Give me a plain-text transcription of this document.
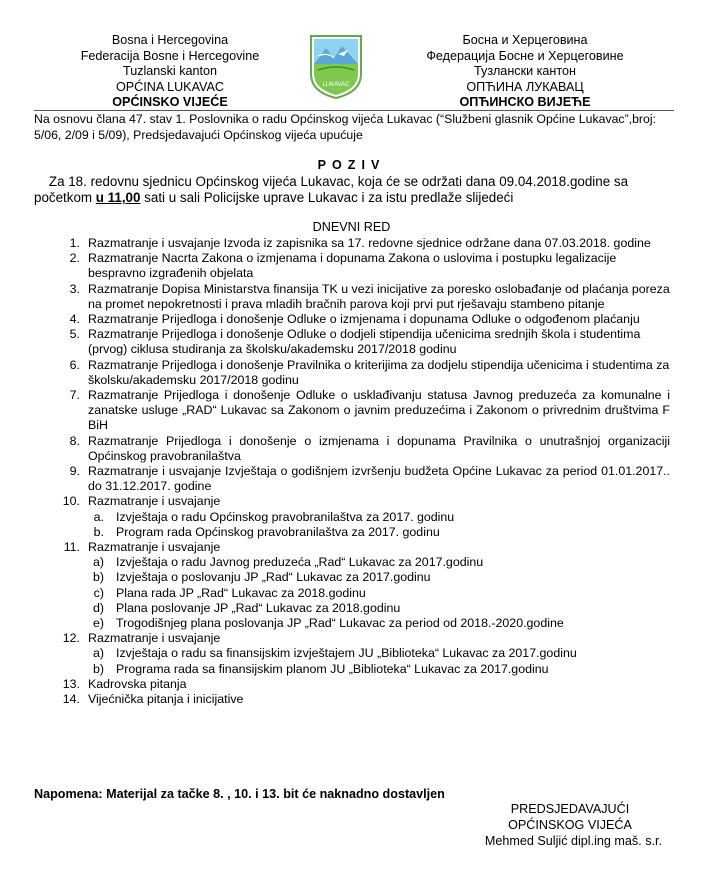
Bosna i Hercegovina
Federacija Bosne i Hercegovine
Tuzlanski kanton
OPĆINA LUKAVAC
OPĆINSKO VIJEĆE
LUKAVAC
Босна и Херцеговина
Федерација Босне и Херцеговине
Тузлански кантон
ОПЋИНА ЛУКАВАЦ
ОПЋИНСКО ВИЈЕЋЕ
Na osnovu člana 47. stav 1. Poslovnika o radu Općinskog vijeća Lukavac (“Službeni glasnik Općine Lukavac”,broj: 5/06, 2/09 i 5/09), Predsjedavajući Općinskog vijeća upućuje
POZIV
Za 18. redovnu sjednicu Općinskog vijeća Lukavac, koja će se održati dana 09.04.2018.godine sa početkom u 11,00 sati u sali Policijske uprave Lukavac i za istu predlaže slijedeći
DNEVNI RED
1. Razmatranje i usvajanje Izvoda iz zapisnika sa 17. redovne sjednice održane dana 07.03.2018. godine
2. Razmatranje Nacrta Zakona o izmjenama i dopunama Zakona o uslovima i postupku legalizacije bespravno izgrađenih objelata
3. Razmatranje Dopisa Ministarstva finansija TK u vezi inicijative za poresko oslobađanje od plaćanja poreza na promet nepokretnosti i prava mladih bračnih parova koji prvi put rješavaju stambeno pitanje
4. Razmatranje Prijedloga i donošenje Odluke o izmjenama i dopunama Odluke o odgođenom plaćanju
5. Razmatranje Prijedloga i donošenje Odluke o dodjeli stipendija učenicima srednjih škola i studentima (prvog) ciklusa studiranja za školsku/akademsku 2017/2018 godinu
6. Razmatranje Prijedloga i donošenje Pravilnika o kriterijima za dodjelu stipendija učenicima i studentima za školsku/akademsku 2017/2018 godinu
7. Razmatranje Prijedloga i donošenje Odluke o usklađivanju statusa Javnog preduzeća za komunalne i zanatske usluge „RAD“ Lukavac sa Zakonom o javnim preduzećima i Zakonom o privrednim društvima F BiH
8. Razmatranje Prijedloga i donošenje o izmjenama i dopunama Pravilnika o unutrašnjoj organizaciji Općinskog pravobranilaštva
9. Razmatranje i usvajanje Izvještaja o godišnjem izvršenju budžeta Općine Lukavac za period 01.01.2017.. do 31.12.2017. godine
10. Razmatranje i usvajanje
a. Izvještaja o radu Općinskog pravobranilaštva za 2017. godinu
b. Program rada Općinskog pravobranilaštva za 2017. godinu
11. Razmatranje i usvajanje
a) Izvještaja o radu Javnog preduzeća „Rad“ Lukavac za 2017.godinu
b) Izvještaja o poslovanju JP „Rad“ Lukavac za 2017.godinu
c) Plana rada JP „Rad“ Lukavac za 2018.godinu
d) Plana poslovanje JP „Rad“ Lukavac za 2018.godinu
e) Trogodišnjeg plana poslovanja JP „Rad“ Lukavac za period od 2018.-2020.godine
12. Razmatranje i usvajanje
a) Izvještaja o radu sa finansijskim izvještajem JU „Biblioteka“ Lukavac za 2017.godinu
b) Programa rada sa finansijskim planom JU „Biblioteka“ Lukavac za 2017.godinu
13. Kadrovska pitanja
14. Vijećnička pitanja i inicijative
Napomena: Materijal za tačke 8. , 10. i 13. bit će naknadno dostavljen
PREDSJEDAVAJUĆI
OPĆINSKOG VIJEĆA
Mehmed Suljić dipl.ing maš. s.r.
